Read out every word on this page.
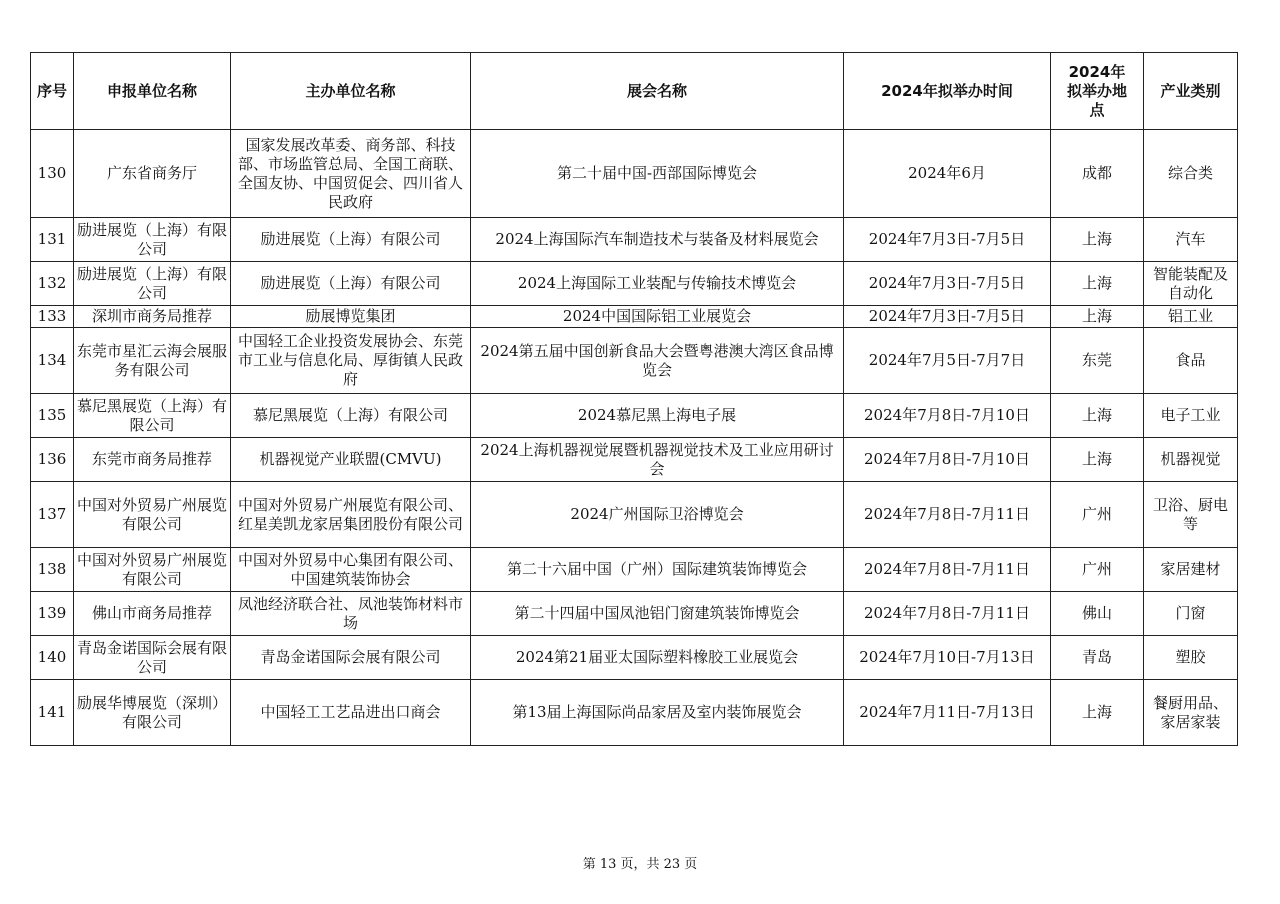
序号	申报单位名称	主办单位名称	展会名称	2024年拟举办时间	2024年拟举办地点	产业类别
130	广东省商务厅	国家发展改革委、商务部、科技部、市场监管总局、全国工商联、全国友协、中国贸促会、四川省人民政府	第二十届中国-西部国际博览会	2024年6月	成都	综合类
131	励进展览（上海）有限公司	励进展览（上海）有限公司	2024上海国际汽车制造技术与装备及材料展览会	2024年7月3日-7月5日	上海	汽车
132	励进展览（上海）有限公司	励进展览（上海）有限公司	2024上海国际工业装配与传输技术博览会	2024年7月3日-7月5日	上海	智能装配及自动化
133	深圳市商务局推荐	励展博览集团	2024中国国际铝工业展览会	2024年7月3日-7月5日	上海	铝工业
134	东莞市星汇云海会展服务有限公司	中国轻工企业投资发展协会、东莞市工业与信息化局、厚街镇人民政府	2024第五届中国创新食品大会暨粤港澳大湾区食品博览会	2024年7月5日-7月7日	东莞	食品
135	慕尼黑展览（上海）有限公司	慕尼黑展览（上海）有限公司	2024慕尼黑上海电子展	2024年7月8日-7月10日	上海	电子工业
136	东莞市商务局推荐	机器视觉产业联盟(CMVU)	2024上海机器视觉展暨机器视觉技术及工业应用研讨会	2024年7月8日-7月10日	上海	机器视觉
137	中国对外贸易广州展览有限公司	中国对外贸易广州展览有限公司、红星美凯龙家居集团股份有限公司	2024广州国际卫浴博览会	2024年7月8日-7月11日	广州	卫浴、厨电等
138	中国对外贸易广州展览有限公司	中国对外贸易中心集团有限公司、中国建筑装饰协会	第二十六届中国（广州）国际建筑装饰博览会	2024年7月8日-7月11日	广州	家居建材
139	佛山市商务局推荐	凤池经济联合社、凤池装饰材料市场	第二十四届中国凤池铝门窗建筑装饰博览会	2024年7月8日-7月11日	佛山	门窗
140	青岛金诺国际会展有限公司	青岛金诺国际会展有限公司	2024第21届亚太国际塑料橡胶工业展览会	2024年7月10日-7月13日	青岛	塑胶
141	励展华博展览（深圳）有限公司	中国轻工工艺品进出口商会	第13届上海国际尚品家居及室内装饰展览会	2024年7月11日-7月13日	上海	餐厨用品、家居家装
第 13 页，共 23 页
